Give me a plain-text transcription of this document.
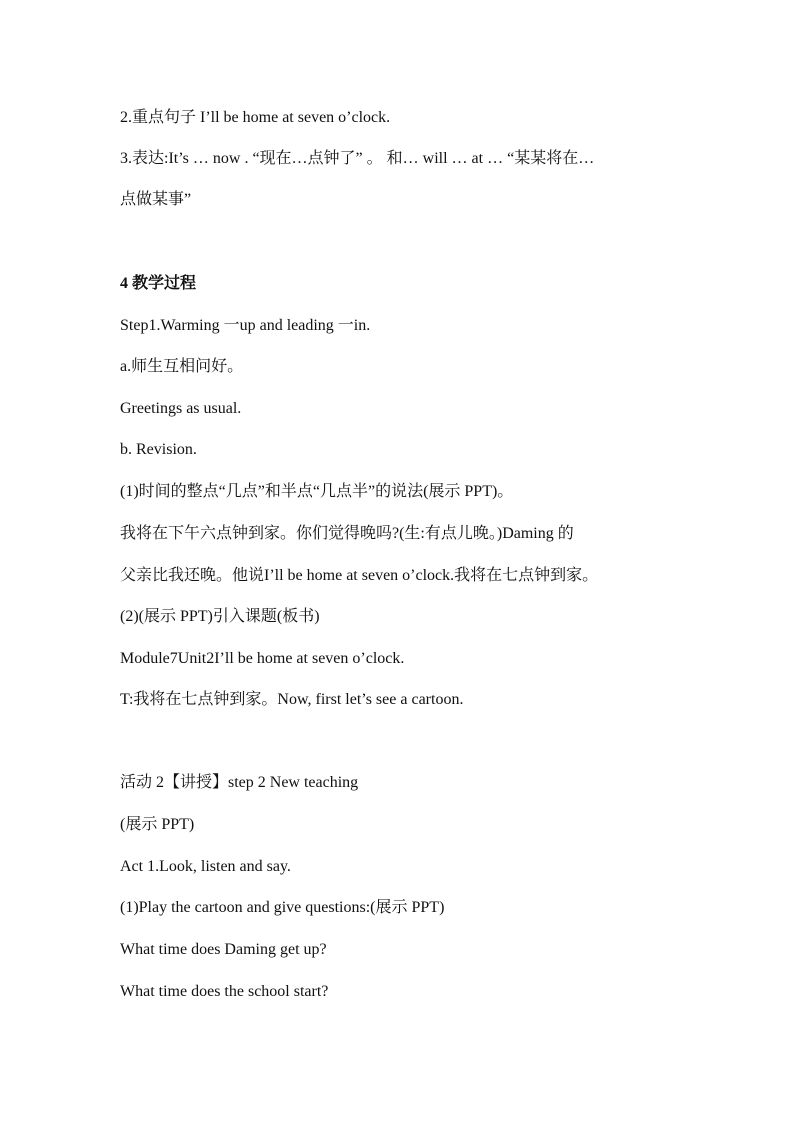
2.重点句子 I’ll be home at seven o’clock.
3.表达:It’s … now . “现在…点钟了” 。 和… will … at … “某某将在…
点做某事”
4 教学过程
Step1.Warming 一up and leading 一in.
a.师生互相问好。
Greetings as usual.
b. Revision.
(1)时间的整点“几点”和半点“几点半”的说法(展示 PPT)。
我将在下午六点钟到家。你们觉得晚吗?(生:有点儿晚。)Daming 的
父亲比我还晚。他说I’ll be home at seven o’clock.我将在七点钟到家。
(2)(展示 PPT)引入课题(板书)
Module7Unit2I’ll be home at seven o’clock.
T:我将在七点钟到家。Now, first let’s see a cartoon.
活动 2【讲授】step 2 New teaching
(展示 PPT)
Act 1.Look, listen and say.
(1)Play the cartoon and give questions:(展示 PPT)
What time does Daming get up?
What time does the school start?
